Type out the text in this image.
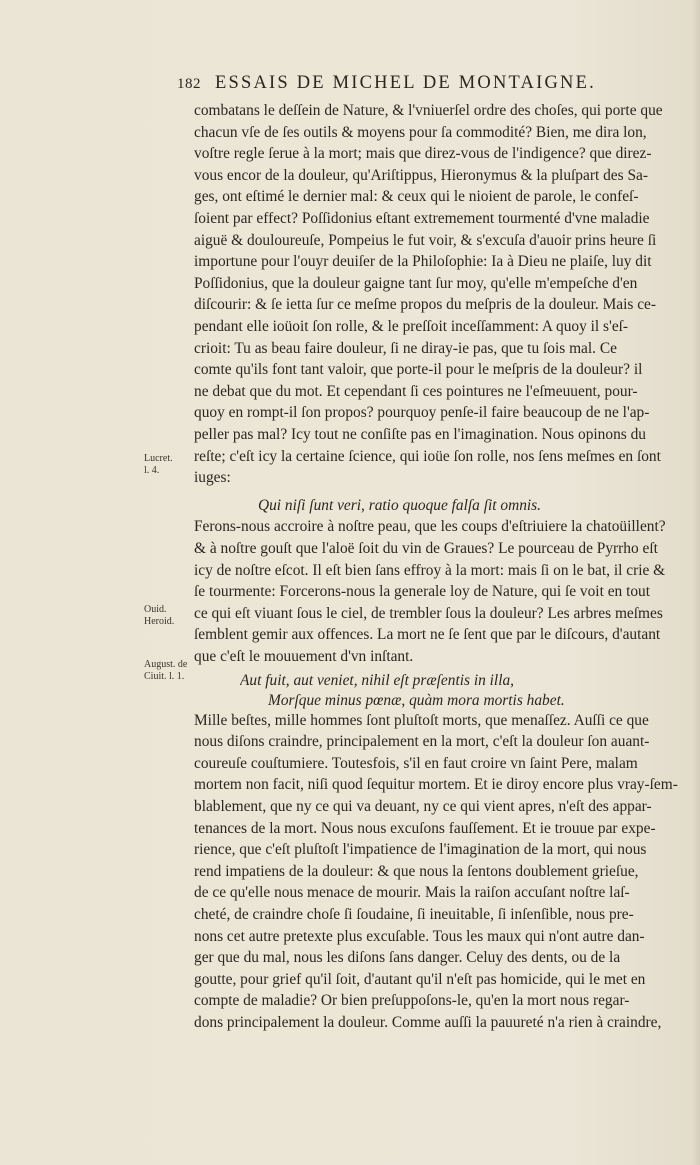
182 ESSAIS DE MICHEL DE MONTAIGNE.
Lucret.
l. 4.
Ouid.
Heroid.
August. de
Ciuit. l. 1.
combatans le deſſein de Nature, & l'vniuerſel ordre des choſes, qui porte que
chacun vſe de ſes outils & moyens pour ſa commodité? Bien, me dira lon,
voſtre regle ſerue à la mort; mais que direz-vous de l'indigence? que direz-
vous encor de la douleur, qu'Ariſtippus, Hieronymus & la pluſpart des Sa-
ges, ont eſtimé le dernier mal: & ceux qui le nioient de parole, le confeſ-
ſoient par effect? Poſſidonius eſtant extremement tourmenté d'vne maladie
aiguë & douloureuſe, Pompeius le fut voir, & s'excuſa d'auoir prins heure ſi
importune pour l'ouyr deuiſer de la Philoſophie: Ia à Dieu ne plaiſe, luy dit
Poſſidonius, que la douleur gaigne tant ſur moy, qu'elle m'empeſche d'en
diſcourir: & ſe ietta ſur ce meſme propos du meſpris de la douleur. Mais ce-
pendant elle ioüoit ſon rolle, & le preſſoit inceſſamment: A quoy il s'eſ-
crioit: Tu as beau faire douleur, ſi ne diray-ie pas, que tu ſois mal. Ce
comte qu'ils font tant valoir, que porte-il pour le meſpris de la douleur? il
ne debat que du mot. Et cependant ſi ces pointures ne l'eſmeuuent, pour-
quoy en rompt-il ſon propos? pourquoy penſe-il faire beaucoup de ne l'ap-
peller pas mal? Icy tout ne conſiſte pas en l'imagination. Nous opinons du
reſte; c'eſt icy la certaine ſcience, qui ioüe ſon rolle, nos ſens meſmes en ſont
iuges:
Qui niſi ſunt veri, ratio quoque falſa ſit omnis.
Ferons-nous accroire à noſtre peau, que les coups d'eſtriuiere la chatoüillent?
& à noſtre gouſt que l'aloë ſoit du vin de Graues? Le pourceau de Pyrrho eſt
icy de noſtre eſcot. Il eſt bien ſans effroy à la mort: mais ſi on le bat, il crie &
ſe tourmente: Forcerons-nous la generale loy de Nature, qui ſe voit en tout
ce qui eſt viuant ſous le ciel, de trembler ſous la douleur? Les arbres meſmes
ſemblent gemir aux offences. La mort ne ſe ſent que par le diſcours, d'autant
que c'eſt le mouuement d'vn inſtant.
Aut fuit, aut veniet, nihil eſt præſentis in illa,
Morſque minus pœnæ, quàm mora mortis habet.
Mille beſtes, mille hommes ſont pluſtoſt morts, que menaſſez. Auſſi ce que
nous diſons craindre, principalement en la mort, c'eſt la douleur ſon auant-
coureuſe couſtumiere. Toutesfois, s'il en faut croire vn ſaint Pere, malam
mortem non facit, niſi quod ſequitur mortem. Et ie diroy encore plus vray-ſem-
blablement, que ny ce qui va deuant, ny ce qui vient apres, n'eſt des appar-
tenances de la mort. Nous nous excuſons fauſſement. Et ie trouue par expe-
rience, que c'eſt pluſtoſt l'impatience de l'imagination de la mort, qui nous
rend impatiens de la douleur: & que nous la ſentons doublement grieſue,
de ce qu'elle nous menace de mourir. Mais la raiſon accuſant noſtre laſ-
cheté, de craindre choſe ſi ſoudaine, ſi ineuitable, ſi inſenſible, nous pre-
nons cet autre pretexte plus excuſable. Tous les maux qui n'ont autre dan-
ger que du mal, nous les diſons ſans danger. Celuy des dents, ou de la
goutte, pour grief qu'il ſoit, d'autant qu'il n'eſt pas homicide, qui le met en
compte de maladie? Or bien preſuppoſons-le, qu'en la mort nous regar-
dons principalement la douleur. Comme auſſi la pauureté n'a rien à craindre,
